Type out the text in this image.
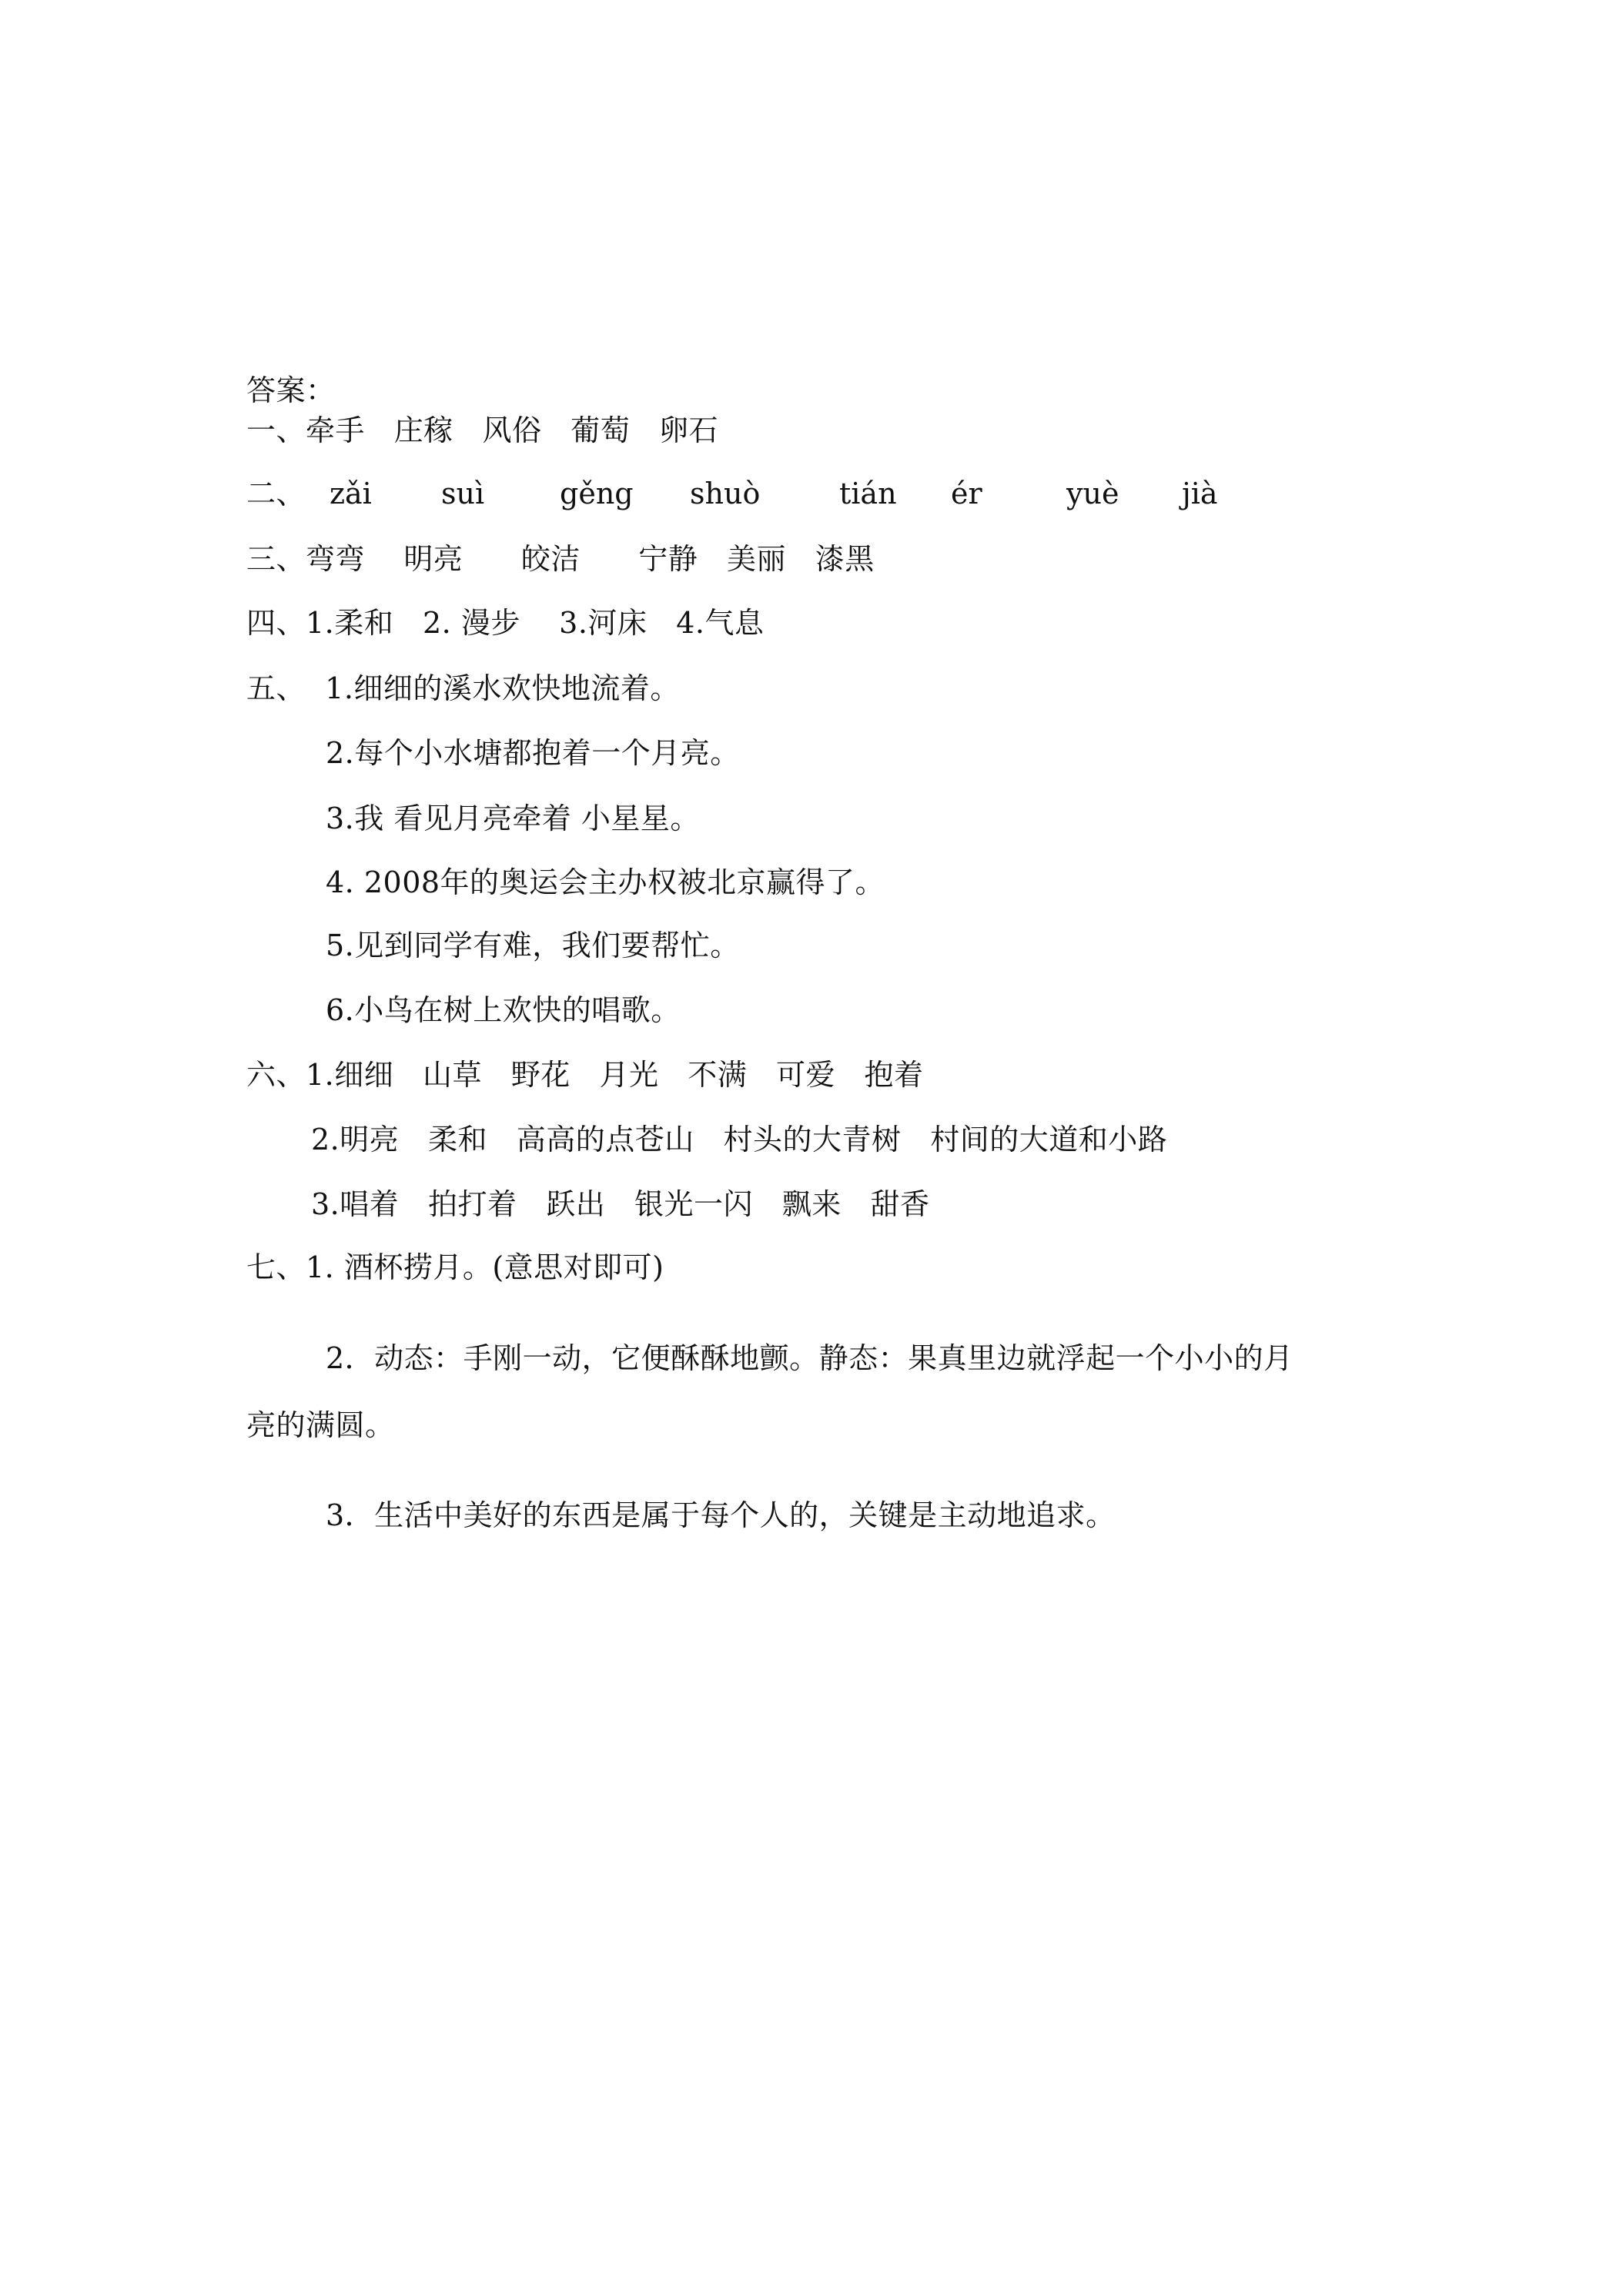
答案：
一、牵手   庄稼   风俗   葡萄   卵石
二、 zǎi suì	gěng shuò	tián ér	yuè jià
三、弯弯    明亮      皎洁      宁静   美丽   漆黑
四、1.柔和   2. 漫步    3.河床   4.气息
五、  1.细细的溪水欢快地流着。
2.每个小水塘都抱着一个月亮。
3.我 看见月亮牵着 小星星。
4. 2008年的奥运会主办权被北京赢得了。
5.见到同学有难，我们要帮忙。
6.小鸟在树上欢快的唱歌。
六、1.细细   山草   野花   月光   不满   可爱   抱着
2.明亮   柔和   高高的点苍山   村头的大青树   村间的大道和小路
3.唱着   拍打着   跃出   银光一闪   飘来   甜香
七、1. 酒杯捞月。(意思对即可)
2．动态：手刚一动，它便酥酥地颤。静态：果真里边就浮起一个小小的月
亮的满圆。
3．生活中美好的东西是属于每个人的，关键是主动地追求。
